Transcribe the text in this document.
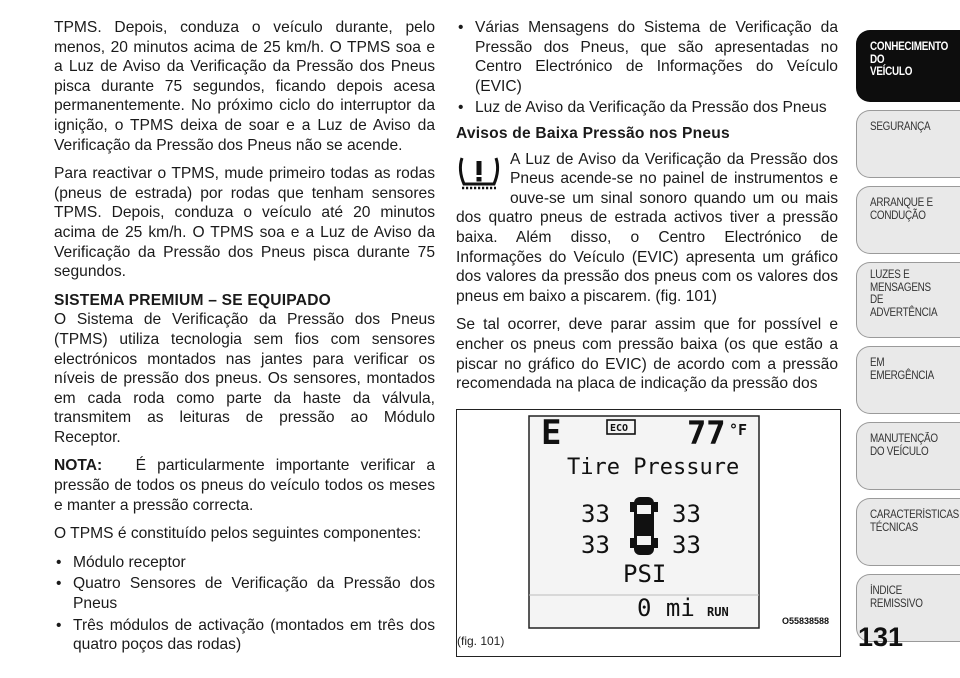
TPMS. Depois, conduza o veículo durante, pelo menos, 20 minutos acima de 25 km/h. O TPMS soa e a Luz de Aviso da Verificação da Pressão dos Pneus pisca durante 75 segundos, ficando depois acesa permanentemente. No próximo ciclo do interruptor da ignição, o TPMS deixa de soar e a Luz de Aviso da Verificação da Pressão dos Pneus não se acende.

Para reactivar o TPMS, mude primeiro todas as rodas (pneus de estrada) por rodas que tenham sensores TPMS. Depois, conduza o veículo até 20 minutos acima de 25 km/h. O TPMS soa e a Luz de Aviso da Verificação da Pressão dos Pneus pisca durante 75 segundos.

SISTEMA PREMIUM – SE EQUIPADO

O Sistema de Verificação da Pressão dos Pneus (TPMS) utiliza tecnologia sem fios com sensores electrónicos montados nas jantes para verificar os níveis de pressão dos pneus. Os sensores, montados em cada roda como parte da haste da válvula, transmitem as leituras de pressão ao Módulo Receptor.

NOTA: É particularmente importante verificar a pressão de todos os pneus do veículo todos os meses e manter a pressão correcta.

O TPMS é constituído pelos seguintes componentes:

• Módulo receptor
• Quatro Sensores de Verificação da Pressão dos Pneus
• Três módulos de activação (montados em três dos quatro poços das rodas)
• Várias Mensagens do Sistema de Verificação da Pressão dos Pneus, que são apresentadas no Centro Electrónico de Informações do Veículo (EVIC)
• Luz de Aviso da Verificação da Pressão dos Pneus

Avisos de Baixa Pressão nos Pneus

A Luz de Aviso da Verificação da Pressão dos Pneus acende-se no painel de instrumentos e ouve-se um sinal sonoro quando um ou mais dos quatro pneus de estrada activos tiver a pressão baixa. Além disso, o Centro Electrónico de Informações do Veículo (EVIC) apresenta um gráfico dos valores da pressão dos pneus com os valores dos pneus em baixo a piscarem. (fig. 101)

Se tal ocorrer, deve parar assim que for possível e encher os pneus com pressão baixa (os que estão a piscar no gráfico do EVIC) de acordo com a pressão recomendada na placa de indicação da pressão dos

E	ECO 77 °F
Tire Pressure
33	33
33	33
PSI
0 mi RUN
O55838588
(fig. 101)
CONHECIMENTO
DO
VEÍCULO
SEGURANÇA
ARRANQUE E
CONDUÇÃO
LUZES E
MENSAGENS
DE
ADVERTÊNCIA
EM
EMERGÊNCIA
MANUTENÇÃO
DO VEÍCULO
CARACTERÍSTICAS
TÉCNICAS
ÍNDICE
REMISSIVO
131
